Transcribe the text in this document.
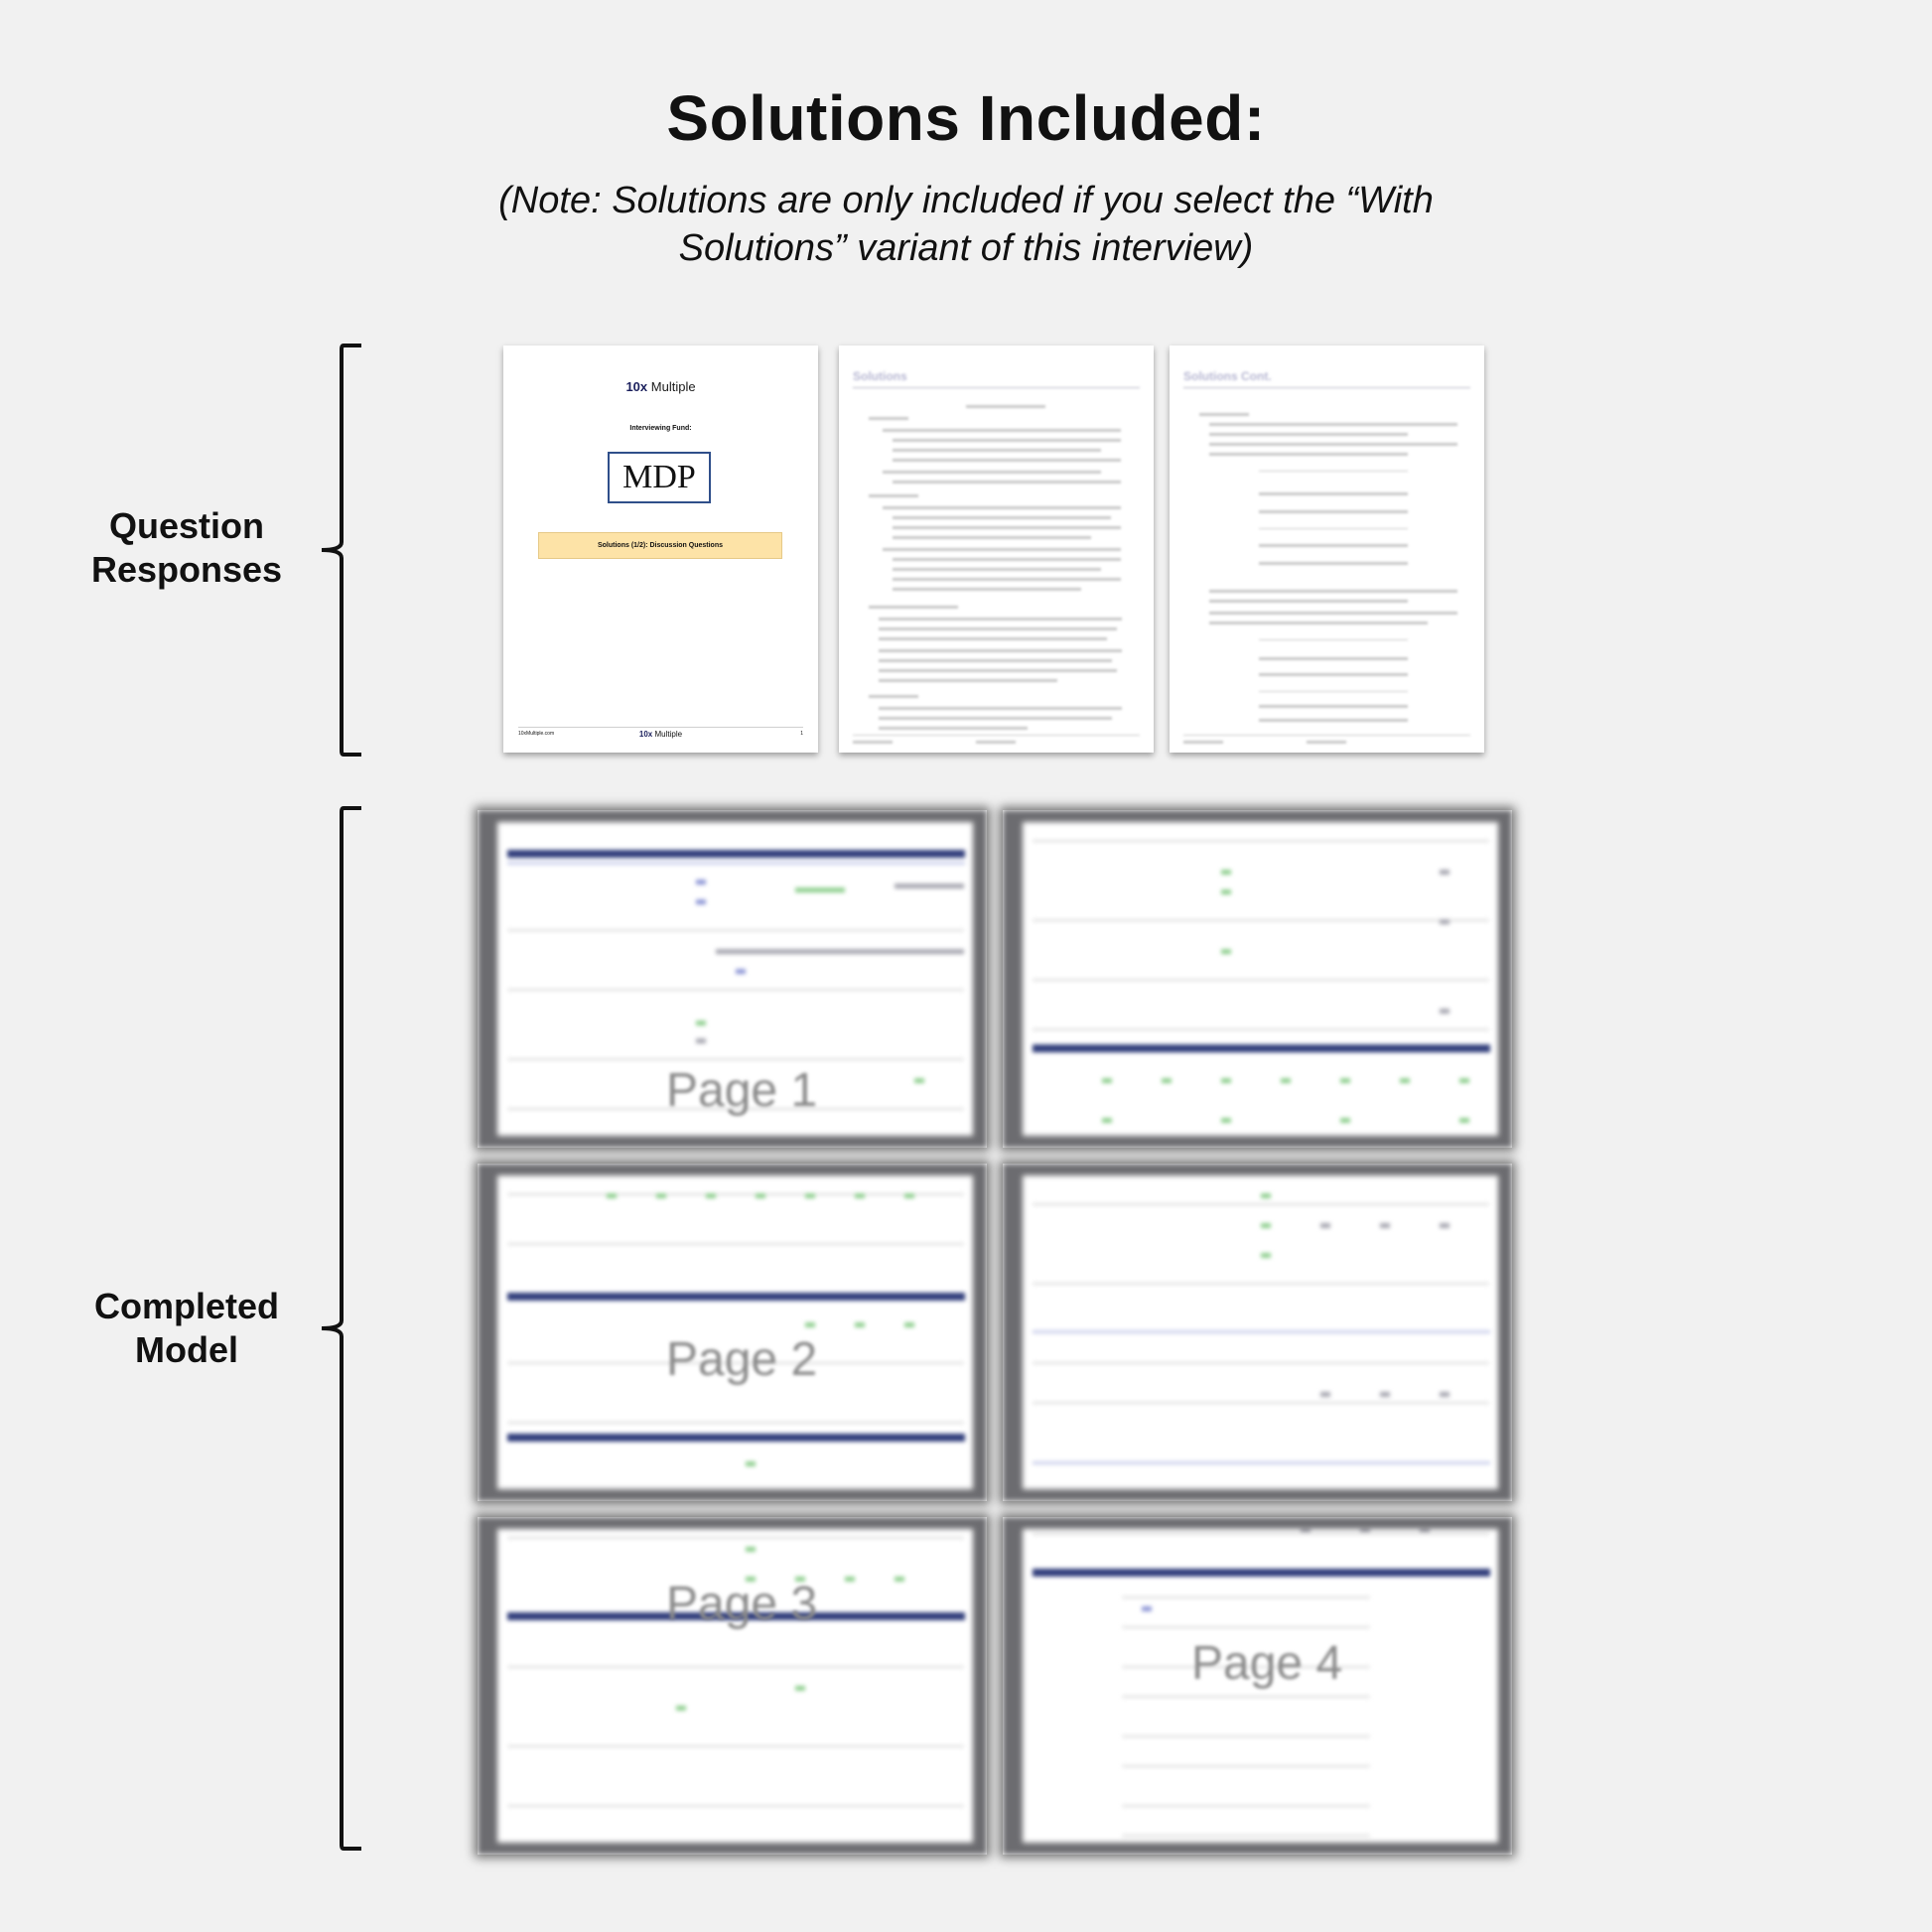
Solutions Included:
(Note: Solutions are only included if you select the “With
Solutions” variant of this interview)
Question
Responses
Completed
Model
10x Multiple
Interviewing Fund:
MDP
Solutions (1/2): Discussion Questions
10xMultiple.com	10x Multiple	1
Solutions	Solutions Cont.
Page 1
Page 2
Page 3
Page 4
